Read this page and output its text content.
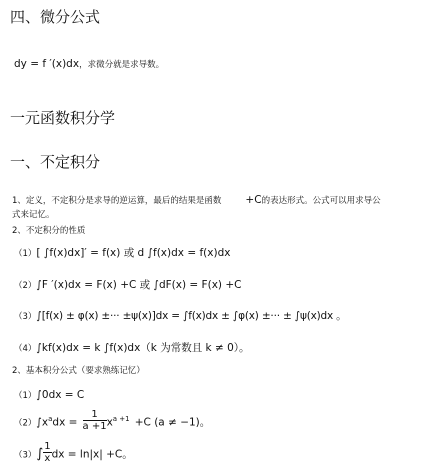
四、微分公式
dy = f ′(x)dx，求微分就是求导数。
一元函数积分学
一、不定积分
1、定义，不定积分是求导的逆运算，最后的结果是函数 +C的表达形式。公式可以用求导公
式来记忆。
2、不定积分的性质
（1）[ ∫f(x)dx]′ = f(x) 或 d ∫f(x)dx = f(x)dx
（2）∫F ′(x)dx = F(x) +C 或 ∫dF(x) = F(x) +C
（3）∫[f(x) ± φ(x) ±··· ±ψ(x)]dx = ∫f(x)dx ± ∫φ(x) ±··· ± ∫ψ(x)dx 。
（4）∫kf(x)dx = k ∫f(x)dx（k 为常数且 k ≠ 0）。
2、基本积分公式（要求熟练记忆）
（1）∫0dx = C
$(2)\int x^adx = \frac{1}{a +1} x^{a +1} +C$ (a ≠ −1)。
$(3)\int \frac{1}{x}$ dx = ln|x| +C。
